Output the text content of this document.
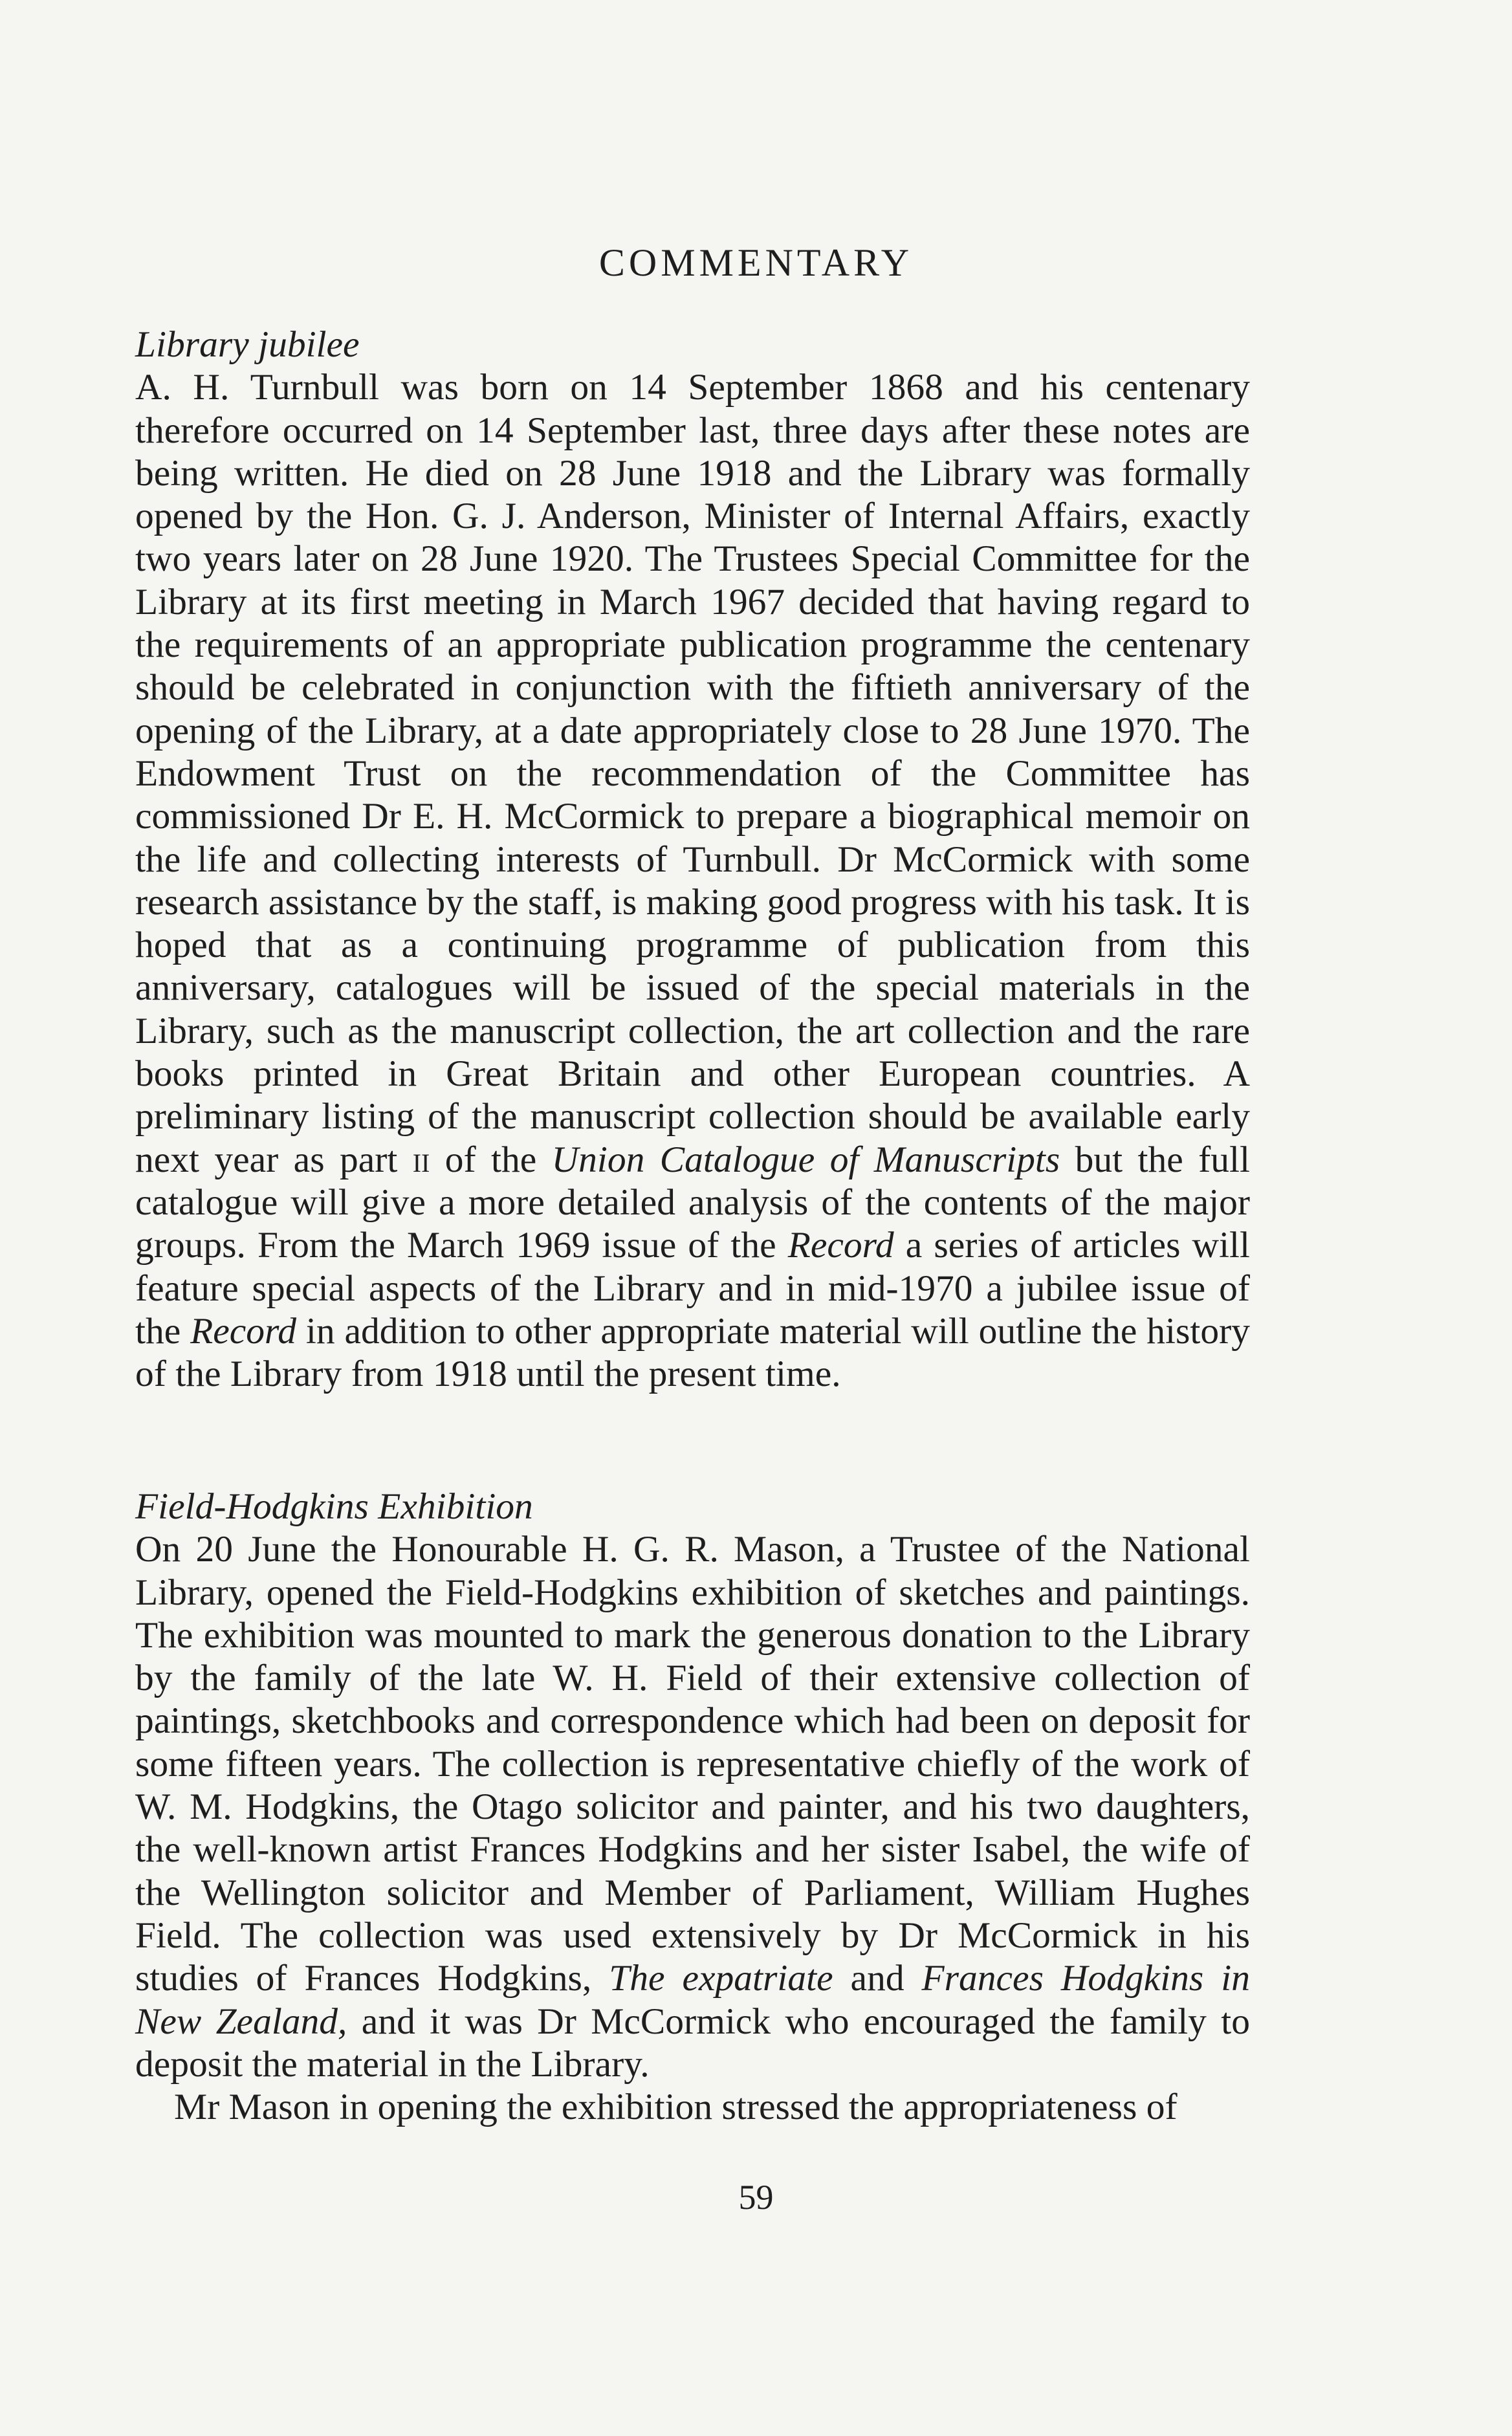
COMMENTARY
Library jubilee

A. H. Turnbull was born on 14 September 1868 and his centenary therefore occurred on 14 September last, three days after these notes are being written. He died on 28 June 1918 and the Library was formally opened by the Hon. G. J. Anderson, Minister of Internal Affairs, exactly two years later on 28 June 1920. The Trustees Special Committee for the Library at its first meeting in March 1967 decided that having regard to the requirements of an appropriate publication programme the centenary should be celebrated in conjunction with the fiftieth anniversary of the opening of the Library, at a date appropriately close to 28 June 1970. The Endowment Trust on the recommendation of the Committee has commissioned Dr E. H. McCormick to prepare a biographical memoir on the life and collecting interests of Turnbull. Dr McCormick with some research assistance by the staff, is making good progress with his task. It is hoped that as a continuing programme of publication from this anniversary, catalogues will be issued of the special materials in the Library, such as the manuscript collection, the art collection and the rare books printed in Great Britain and other European countries. A preliminary listing of the manuscript collection should be available early next year as part ii of the Union Catalogue of Manuscripts but the full catalogue will give a more detailed analysis of the contents of the major groups. From the March 1969 issue of the Record a series of articles will feature special aspects of the Library and in mid-1970 a jubilee issue of the Record in addition to other appropriate material will outline the history of the Library from 1918 until the present time.

Field-Hodgkins Exhibition

On 20 June the Honourable H. G. R. Mason, a Trustee of the National Library, opened the Field-Hodgkins exhibition of sketches and paintings. The exhibition was mounted to mark the generous donation to the Library by the family of the late W. H. Field of their extensive collection of paintings, sketchbooks and correspondence which had been on deposit for some fifteen years. The collection is representative chiefly of the work of W. M. Hodgkins, the Otago solicitor and painter, and his two daughters, the well-known artist Frances Hodgkins and her sister Isabel, the wife of the Wellington solicitor and Member of Parliament, William Hughes Field. The collection was used extensively by Dr McCormick in his studies of Frances Hodgkins, The expatriate and Frances Hodgkins in New Zealand, and it was Dr McCormick who encouraged the family to deposit the material in the Library.

Mr Mason in opening the exhibition stressed the appropriateness of

59
